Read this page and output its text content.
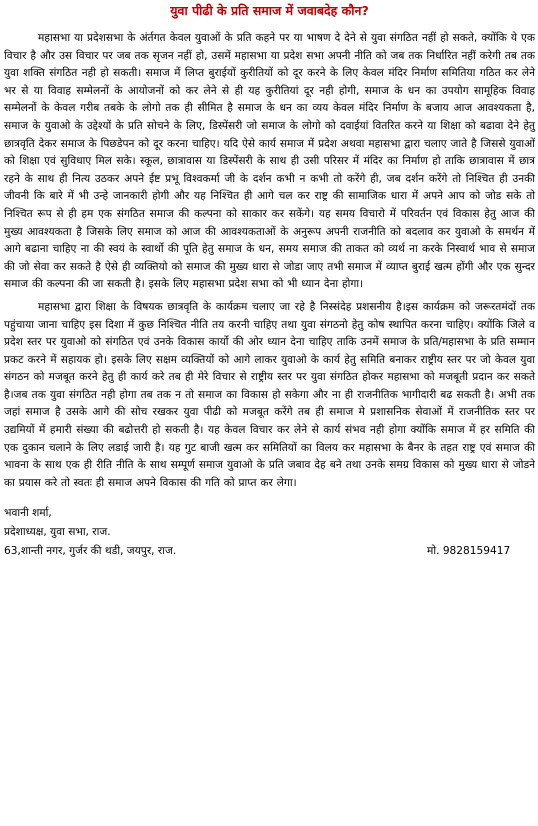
युवा पीढी के प्रति समाज में जवाबदेह कौन?

महासभा या प्रदेशसभा के अंर्तगत केवल युवाओं के प्रति कहने पर या भाषण दे देने से युवा संगठित नहीं हो सकते, क्योंकि ये एक विचार है और उस विचार पर जब तक सृजन नहीं हो, उसमें महासभा या प्रदेश सभा अपनी नीति को जब तक निर्धारित नहीं करेगी तब तक युवा शक्ति संगठित नही हो सकती। समाज में लिप्त बुराईयों कुरीतियों को दूर करने के लिए केवल मंदिर निर्माण समितिया गठित कर लेने भर से या विवाह सम्मेलनों के आयोजनों को कर लेने से ही यह कुरीतियां दूर नही होगी, समाज के धन का उपयोग सामूहिक विवाह सम्मेलनों के केवल गरीब तबके के लोगो तक ही सीमित है समाज के धन का व्यय केवल मंदिर निर्माण के बजाय आज आवश्यकता है, समाज के युवाओ के उद्देश्यों के प्रति सोचने के लिए, डिस्पेंसरी जो समाज के लोगो को दवाईयां वितरित करने या शिक्षा को बढावा देने हेतु छात्रवृति देकर समाज के पिछडेपन को दूर करना चाहिए। यदि ऐसे कार्य समाज में प्रदेश अथवा महासभा द्वारा चलाए जाते है जिससे युवाओं को शिक्षा एवं सुविधाए मिल सके। स्कूल, छात्रावास या डिस्पेंसरी के साथ ही उसी परिसर में मंदिर का निर्माण हो ताकि छात्रावास में छात्र रहने के साथ ही नित्य उठकर अपने ईष्ट प्रभू विश्वकर्मा जी के दर्शन कभी न कभी तो करेंगे ही, जब दर्शन करेंगे तो निश्चित ही उनकी जीवनी कि बारे में भी उन्हे जानकारी होगी और यह निश्चित ही आगे चल कर राष्ट्र की सामाजिक धारा में अपने आप को जोड सके तो निश्चित रूप से ही हम एक संगठित समाज की कल्पना को साकार कर सकेंगे। यह समय विचारो में परिवर्तन एवं विकास हेतु आज की मुख्य आवश्यकता है जिसके लिए समाज को आज की आवश्यकताओं के अनुरूप अपनी राजनीति को बदलाव कर युवाओ के समर्थन में आगे बढाना चाहिए ना की स्वयं के स्वार्थो की पूति हेतु समाज के धन, समय समाज की ताकत को व्यर्थ ना करके निस्वार्थ भाव से समाज की जो सेवा कर सकते है ऐसे ही व्यक्तियो को समाज की मुख्य धारा से जोडा जाए तभी समाज में व्याप्त बुराई खत्म होंगी और एक सुन्दर समाज की कल्पना की जा सकती है। इसके लिए महासभा प्रदेश सभा को भी ध्यान देना होगा।

महासभा द्वारा शिक्षा के विषयक छात्रवृति के कार्यक्रम चलाए जा रहे है निस्संदेह प्रशसनीय है।इस कार्यक्रम को जरूरतमंदों तक पहुंचाया जाना चाहिए इस दिशा में कुछ निश्चित नीति तय करनी चाहिए तथा युवा संगठनो हेतु कोष स्थापित करना चाहिए। क्योंकि जिले व प्रदेश स्तर पर युवाओ को संगठित एवं उनके विकास कार्यो की ओर ध्यान देना चाहिए ताकि उनमें समाज के प्रति/महासभा के प्रति सम्मान प्रकट करने में सहायक हो। इसके लिए सक्षम व्यक्तियों को आगे लाकर युवाओ के कार्य हेतु समिति बनाकर राष्ट्रीय स्तर पर जो केवल युवा संगठन को मजबूत करने हेतु ही कार्य करे तब ही मेरे विचार से राष्ट्रीय स्तर पर युवा संगठित होकर महासभा को मजबूती प्रदान कर सकते है।जब तक युवा संगठित नही होगा तब तक न तो समाज का विकास हो सकेगा और ना ही राजनीतिक भागीदारी बढ सकती है। अभी तक जहां समाज है उसके आगे की सोच रखकर युवा पीढी को मजबूत करेंगे तब ही समाज मे प्रशासनिक सेवाओं में राजनीतिक स्तर पर उद्यमियों में हमारी संख्या की बढोत्तरी हो सकती है। यह केवल विचार कर लेने से कार्य संभव नही होगा क्योंकि समाज में हर समिति की एक दुकान चलाने के लिए लडाई जारी है। यह गुट बाजी खत्म कर समितियों का विलय कर महासभा के बैनर के तहत राष्ट्र एवं समाज की भावना के साथ एक ही रीति नीति के साथ सम्पूर्ण समाज युवाओ के प्रति जबाव देह बने तथा उनके समग्र विकास को मुख्य धारा से जोडने का प्रयास करे तो स्वतः ही समाज अपने विकास की गति को प्राप्त कर लेगा।

भवानी शर्मा,
प्रदेशाध्यक्ष, युवा सभा, राज.
63,शान्ती नगर, गुर्जर की थडी, जयपुर, राज.	मो. 9828159417
